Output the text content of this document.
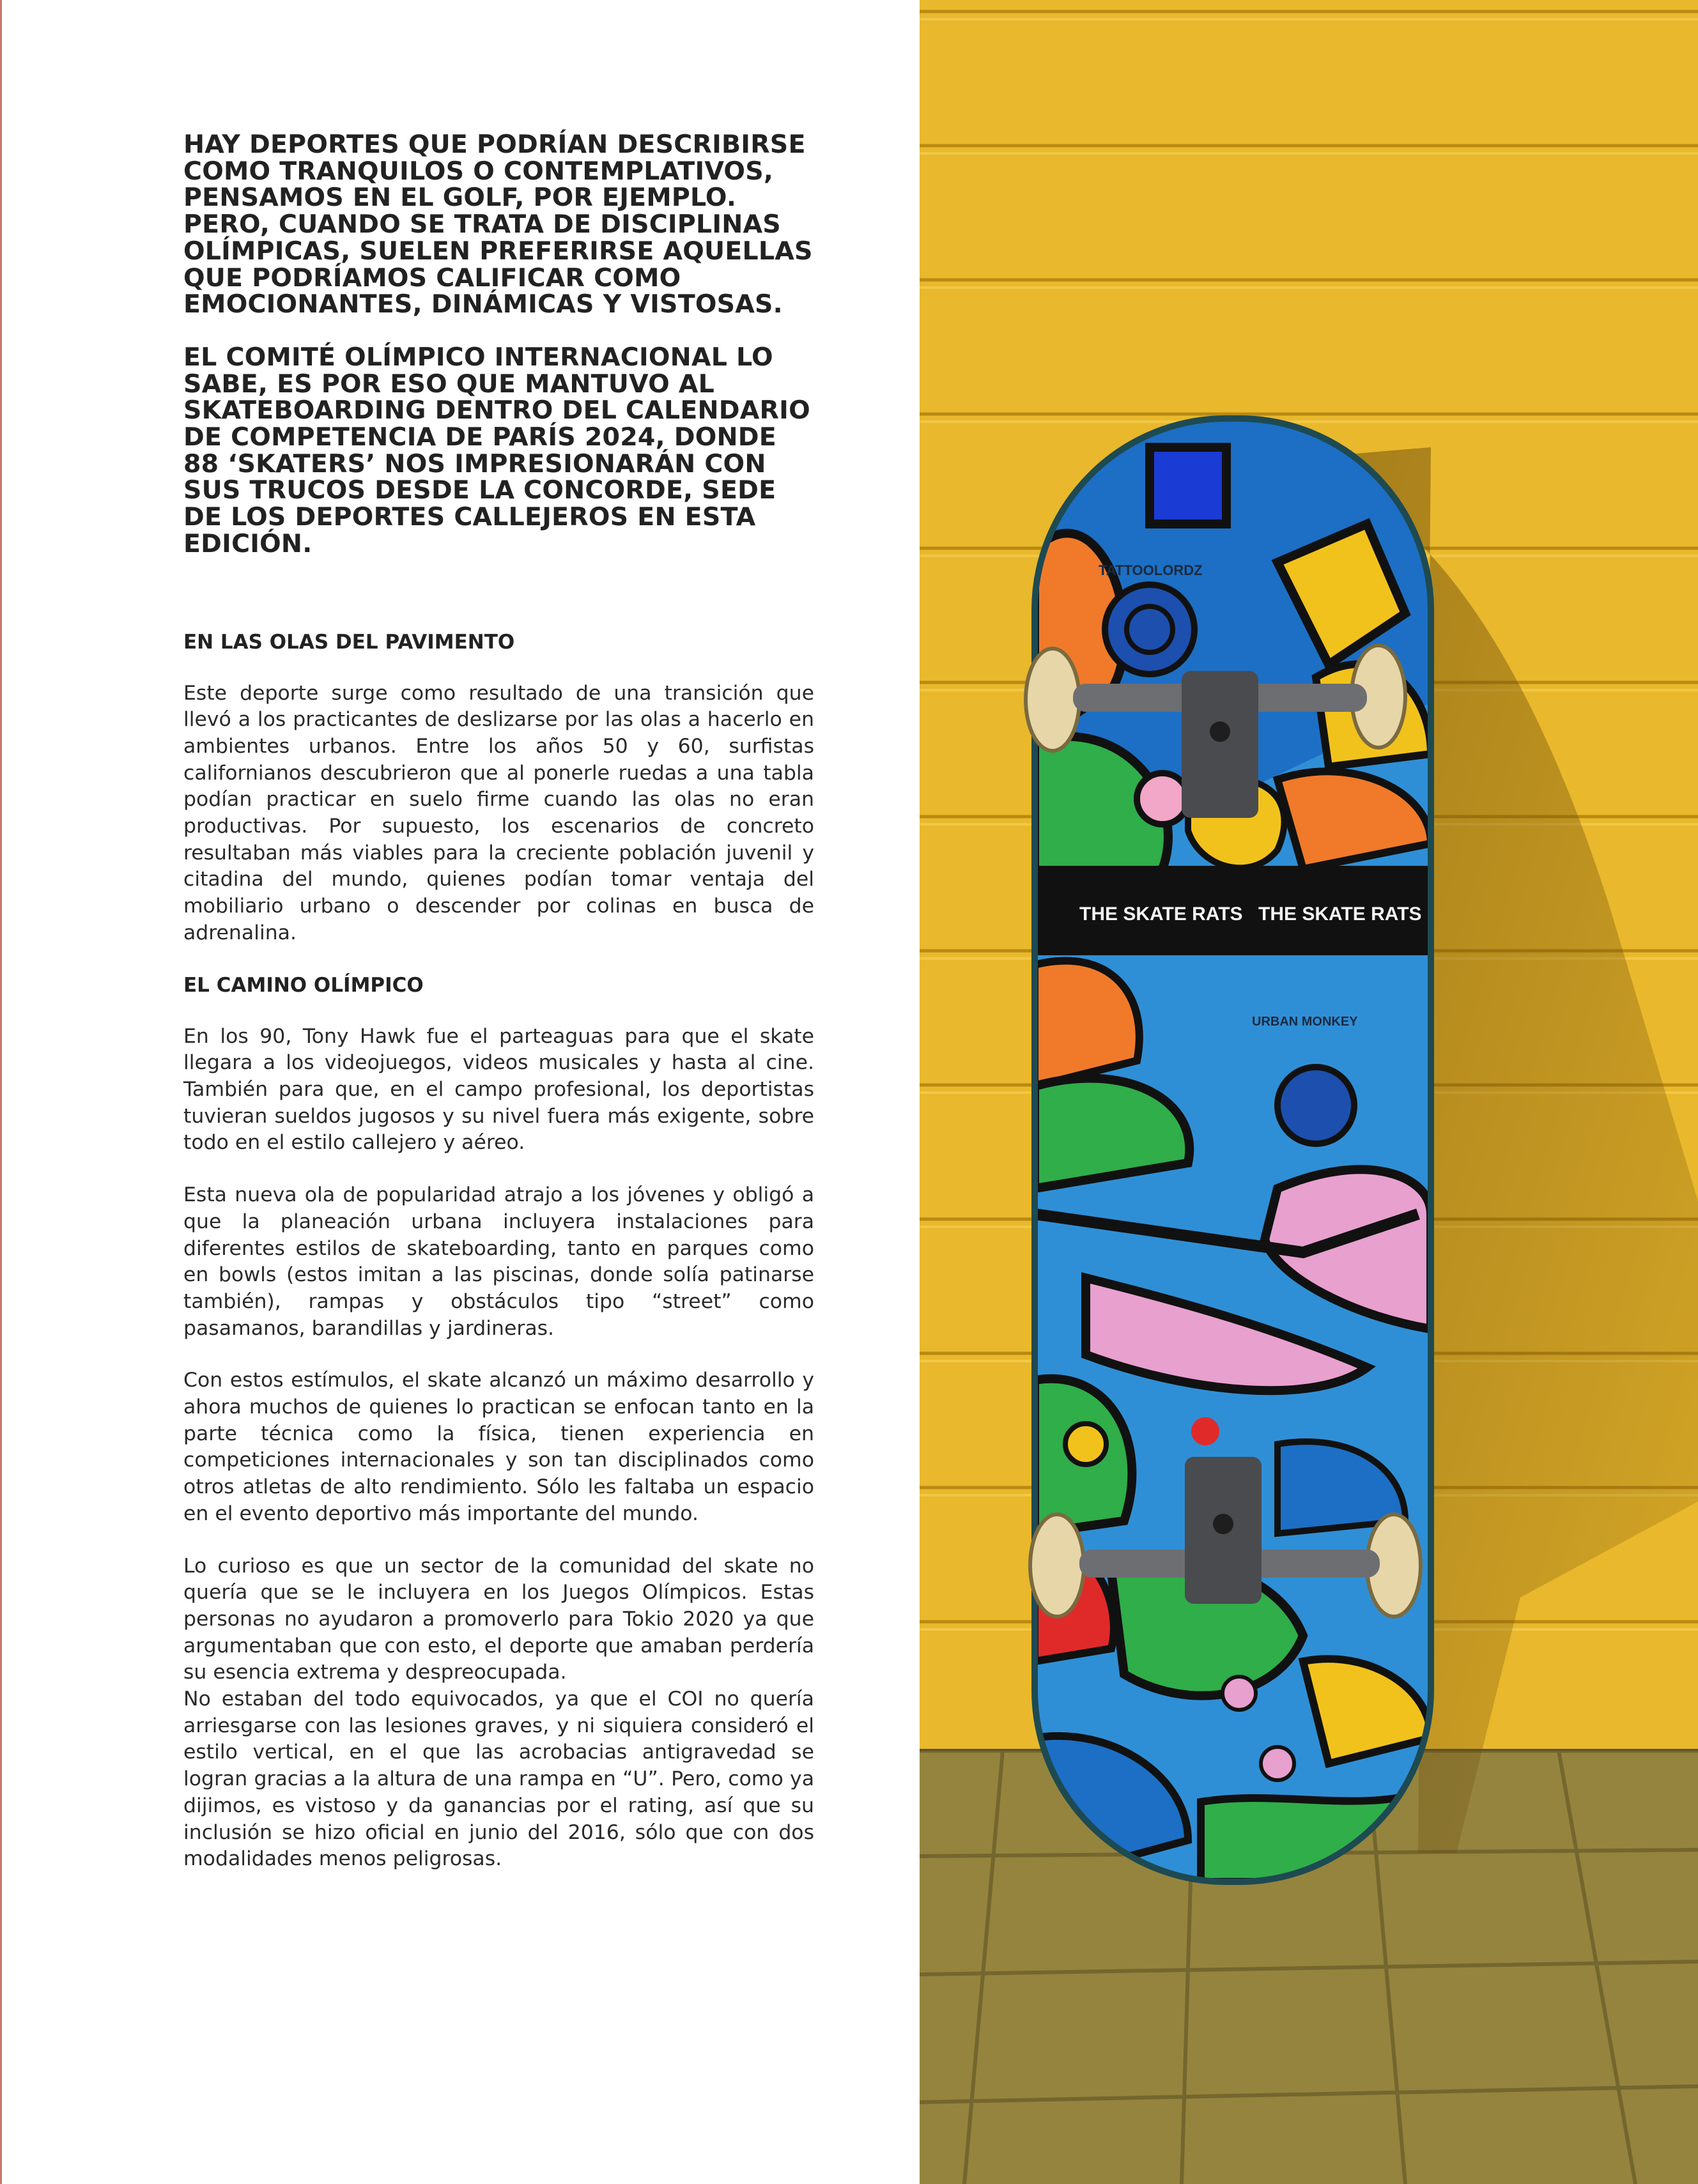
HAY DEPORTES QUE PODRÍAN DESCRIBIRSE COMO TRANQUILOS O CONTEMPLATIVOS, PENSAMOS EN EL GOLF, POR EJEMPLO. PERO, CUANDO SE TRATA DE DISCIPLINAS OLÍMPICAS, SUELEN PREFERIRSE AQUELLAS QUE PODRÍAMOS CALIFICAR COMO EMOCIONANTES, DINÁMICAS Y VISTOSAS.

EL COMITÉ OLÍMPICO INTERNACIONAL LO SABE, ES POR ESO QUE MANTUVO AL SKATEBOARDING DENTRO DEL CALENDARIO DE COMPETENCIA DE PARÍS 2024, DONDE 88 ‘SKATERS’ NOS IMPRESIONARÁN CON SUS TRUCOS DESDE LA CONCORDE, SEDE DE LOS DEPORTES CALLEJEROS EN ESTA EDICIÓN.

EN LAS OLAS DEL PAVIMENTO

Este deporte surge como resultado de una transición que llevó a los practicantes de deslizarse por las olas a hacerlo en ambientes urbanos. Entre los años 50 y 60, surfistas californianos descubrieron que al ponerle ruedas a una tabla podían practicar en suelo firme cuando las olas no eran productivas. Por supuesto, los escenarios de concreto resultaban más viables para la creciente población juvenil y citadina del mundo, quienes podían tomar ventaja del mobiliario urbano o descender por colinas en busca de adrenalina.

EL CAMINO OLÍMPICO

En los 90, Tony Hawk fue el parteaguas para que el skate llegara a los videojuegos, videos musicales y hasta al cine. También para que, en el campo profesional, los deportistas tuvieran sueldos jugosos y su nivel fuera más exigente, sobre todo en el estilo callejero y aéreo.

Esta nueva ola de popularidad atrajo a los jóvenes y obligó a que la planeación urbana incluyera instalaciones para diferentes estilos de skateboarding, tanto en parques como en bowls (estos imitan a las piscinas, donde solía patinarse también), rampas y obstáculos tipo “street” como pasamanos, barandillas y jardineras.

Con estos estímulos, el skate alcanzó un máximo desarrollo y ahora muchos de quienes lo practican se enfocan tanto en la parte técnica como la física, tienen experiencia en competiciones internacionales y son tan disciplinados como otros atletas de alto rendimiento. Sólo les faltaba un espacio en el evento deportivo más importante del mundo.

Lo curioso es que un sector de la comunidad del skate no quería que se le incluyera en los Juegos Olímpicos. Estas personas no ayudaron a promoverlo para Tokio 2020 ya que argumentaban que con esto, el deporte que amaban perdería su esencia extrema y despreocupada.

No estaban del todo equivocados, ya que el COI no quería arriesgarse con las lesiones graves, y ni siquiera consideró el estilo vertical, en el que las acrobacias antigravedad se logran gracias a la altura de una rampa en “U”. Pero, como ya dijimos, es vistoso y da ganancias por el rating, así que su inclusión se hizo oficial en junio del 2016, sólo que con dos modalidades menos peligrosas.

THE SKATE RATS THE SKATE RATS
TATTOOLORDZ
URBAN MONKEY
